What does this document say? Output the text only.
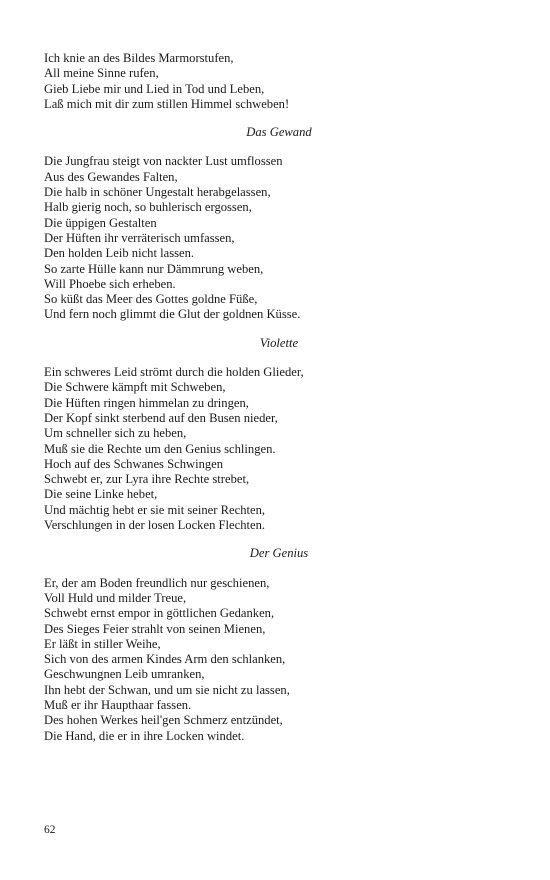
Ich knie an des Bildes Marmorstufen,
All meine Sinne rufen,
Gieb Liebe mir und Lied in Tod und Leben,
Laß mich mit dir zum stillen Himmel schweben!
Das Gewand
Die Jungfrau steigt von nackter Lust umflossen
Aus des Gewandes Falten,
Die halb in schöner Ungestalt herabgelassen,
Halb gierig noch, so buhlerisch ergossen,
Die üppigen Gestalten
Der Hüften ihr verräterisch umfassen,
Den holden Leib nicht lassen.
So zarte Hülle kann nur Dämmrung weben,
Will Phoebe sich erheben.
So küßt das Meer des Gottes goldne Füße,
Und fern noch glimmt die Glut der goldnen Küsse.
Violette
Ein schweres Leid strömt durch die holden Glieder,
Die Schwere kämpft mit Schweben,
Die Hüften ringen himmelan zu dringen,
Der Kopf sinkt sterbend auf den Busen nieder,
Um schneller sich zu heben,
Muß sie die Rechte um den Genius schlingen.
Hoch auf des Schwanes Schwingen
Schwebt er, zur Lyra ihre Rechte strebet,
Die seine Linke hebet,
Und mächtig hebt er sie mit seiner Rechten,
Verschlungen in der losen Locken Flechten.
Der Genius
Er, der am Boden freundlich nur geschienen,
Voll Huld und milder Treue,
Schwebt ernst empor in göttlichen Gedanken,
Des Sieges Feier strahlt von seinen Mienen,
Er läßt in stiller Weihe,
Sich von des armen Kindes Arm den schlanken,
Geschwungnen Leib umranken,
Ihn hebt der Schwan, und um sie nicht zu lassen,
Muß er ihr Haupthaar fassen.
Des hohen Werkes heil'gen Schmerz entzündet,
Die Hand, die er in ihre Locken windet.
62
